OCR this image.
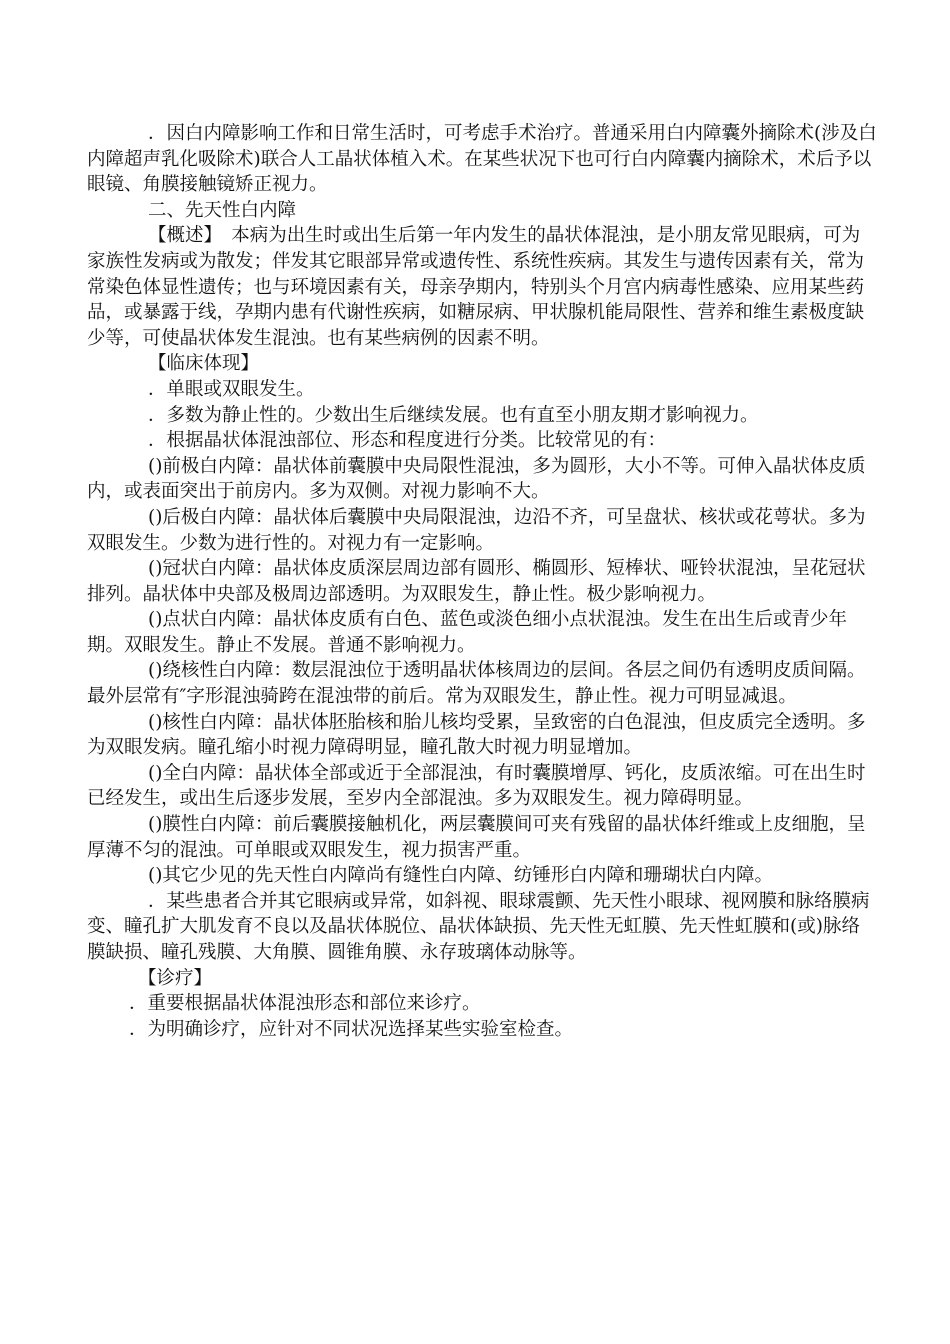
．因白内障影响工作和日常生活时，可考虑手术治疗。普通采用白内障囊外摘除术(涉及白内障超声乳化吸除术)联合人工晶状体植入术。在某些状况下也可行白内障囊内摘除术，术后予以眼镜、角膜接触镜矫正视力。

二、先天性白内障

【概述】　本病为出生时或出生后第一年内发生的晶状体混浊，是小朋友常见眼病，可为家族性发病或为散发；伴发其它眼部异常或遗传性、系统性疾病。其发生与遗传因素有关，常为常染色体显性遗传；也与环境因素有关，母亲孕期内，特别头个月宫内病毒性感染、应用某些药品，或暴露于线，孕期内患有代谢性疾病，如糖尿病、甲状腺机能局限性、营养和维生素极度缺少等，可使晶状体发生混浊。也有某些病例的因素不明。

【临床体现】

．单眼或双眼发生。

．多数为静止性的。少数出生后继续发展。也有直至小朋友期才影响视力。

．根据晶状体混浊部位、形态和程度进行分类。比较常见的有：

()前极白内障：晶状体前囊膜中央局限性混浊，多为圆形，大小不等。可伸入晶状体皮质内，或表面突出于前房内。多为双侧。对视力影响不大。

()后极白内障：晶状体后囊膜中央局限混浊，边沿不齐，可呈盘状、核状或花萼状。多为双眼发生。少数为进行性的。对视力有一定影响。

()冠状白内障：晶状体皮质深层周边部有圆形、椭圆形、短棒状、哑铃状混浊，呈花冠状排列。晶状体中央部及极周边部透明。为双眼发生，静止性。极少影响视力。

()点状白内障：晶状体皮质有白色、蓝色或淡色细小点状混浊。发生在出生后或青少年期。双眼发生。静止不发展。普通不影响视力。

()绕核性白内障：数层混浊位于透明晶状体核周边的层间。各层之间仍有透明皮质间隔。最外层常有″字形混浊骑跨在混浊带的前后。常为双眼发生，静止性。视力可明显减退。

()核性白内障：晶状体胚胎核和胎儿核均受累，呈致密的白色混浊，但皮质完全透明。多为双眼发病。瞳孔缩小时视力障碍明显，瞳孔散大时视力明显增加。

()全白内障：晶状体全部或近于全部混浊，有时囊膜增厚、钙化，皮质浓缩。可在出生时已经发生，或出生后逐步发展，至岁内全部混浊。多为双眼发生。视力障碍明显。

()膜性白内障：前后囊膜接触机化，两层囊膜间可夹有残留的晶状体纤维或上皮细胞，呈厚薄不匀的混浊。可单眼或双眼发生，视力损害严重。

()其它少见的先天性白内障尚有缝性白内障、纺锤形白内障和珊瑚状白内障。

．某些患者合并其它眼病或异常，如斜视、眼球震颤、先天性小眼球、视网膜和脉络膜病变、瞳孔扩大肌发育不良以及晶状体脱位、晶状体缺损、先天性无虹膜、先天性虹膜和(或)脉络膜缺损、瞳孔残膜、大角膜、圆锥角膜、永存玻璃体动脉等。

【诊疗】

．重要根据晶状体混浊形态和部位来诊疗。

．为明确诊疗，应针对不同状况选择某些实验室检查。
